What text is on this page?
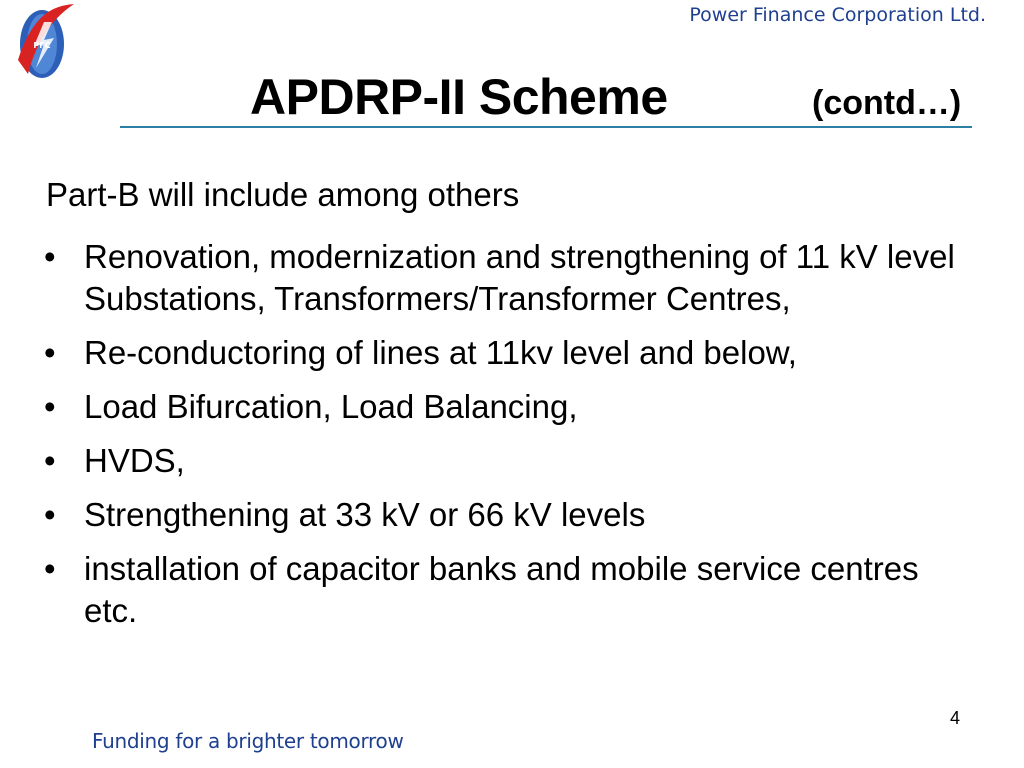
PFC
Power Finance Corporation Ltd.
APDRP-II Scheme	(contd…)
Part-B will include among others
• Renovation, modernization and strengthening of 11 kV level Substations, Transformers/Transformer Centres,
• Re-conductoring of lines at 11kv level and below,
• Load Bifurcation, Load Balancing,
• HVDS,
• Strengthening at 33 kV or 66 kV levels
• installation of capacitor banks and mobile service centres etc.
4
Funding for a brighter tomorrow
